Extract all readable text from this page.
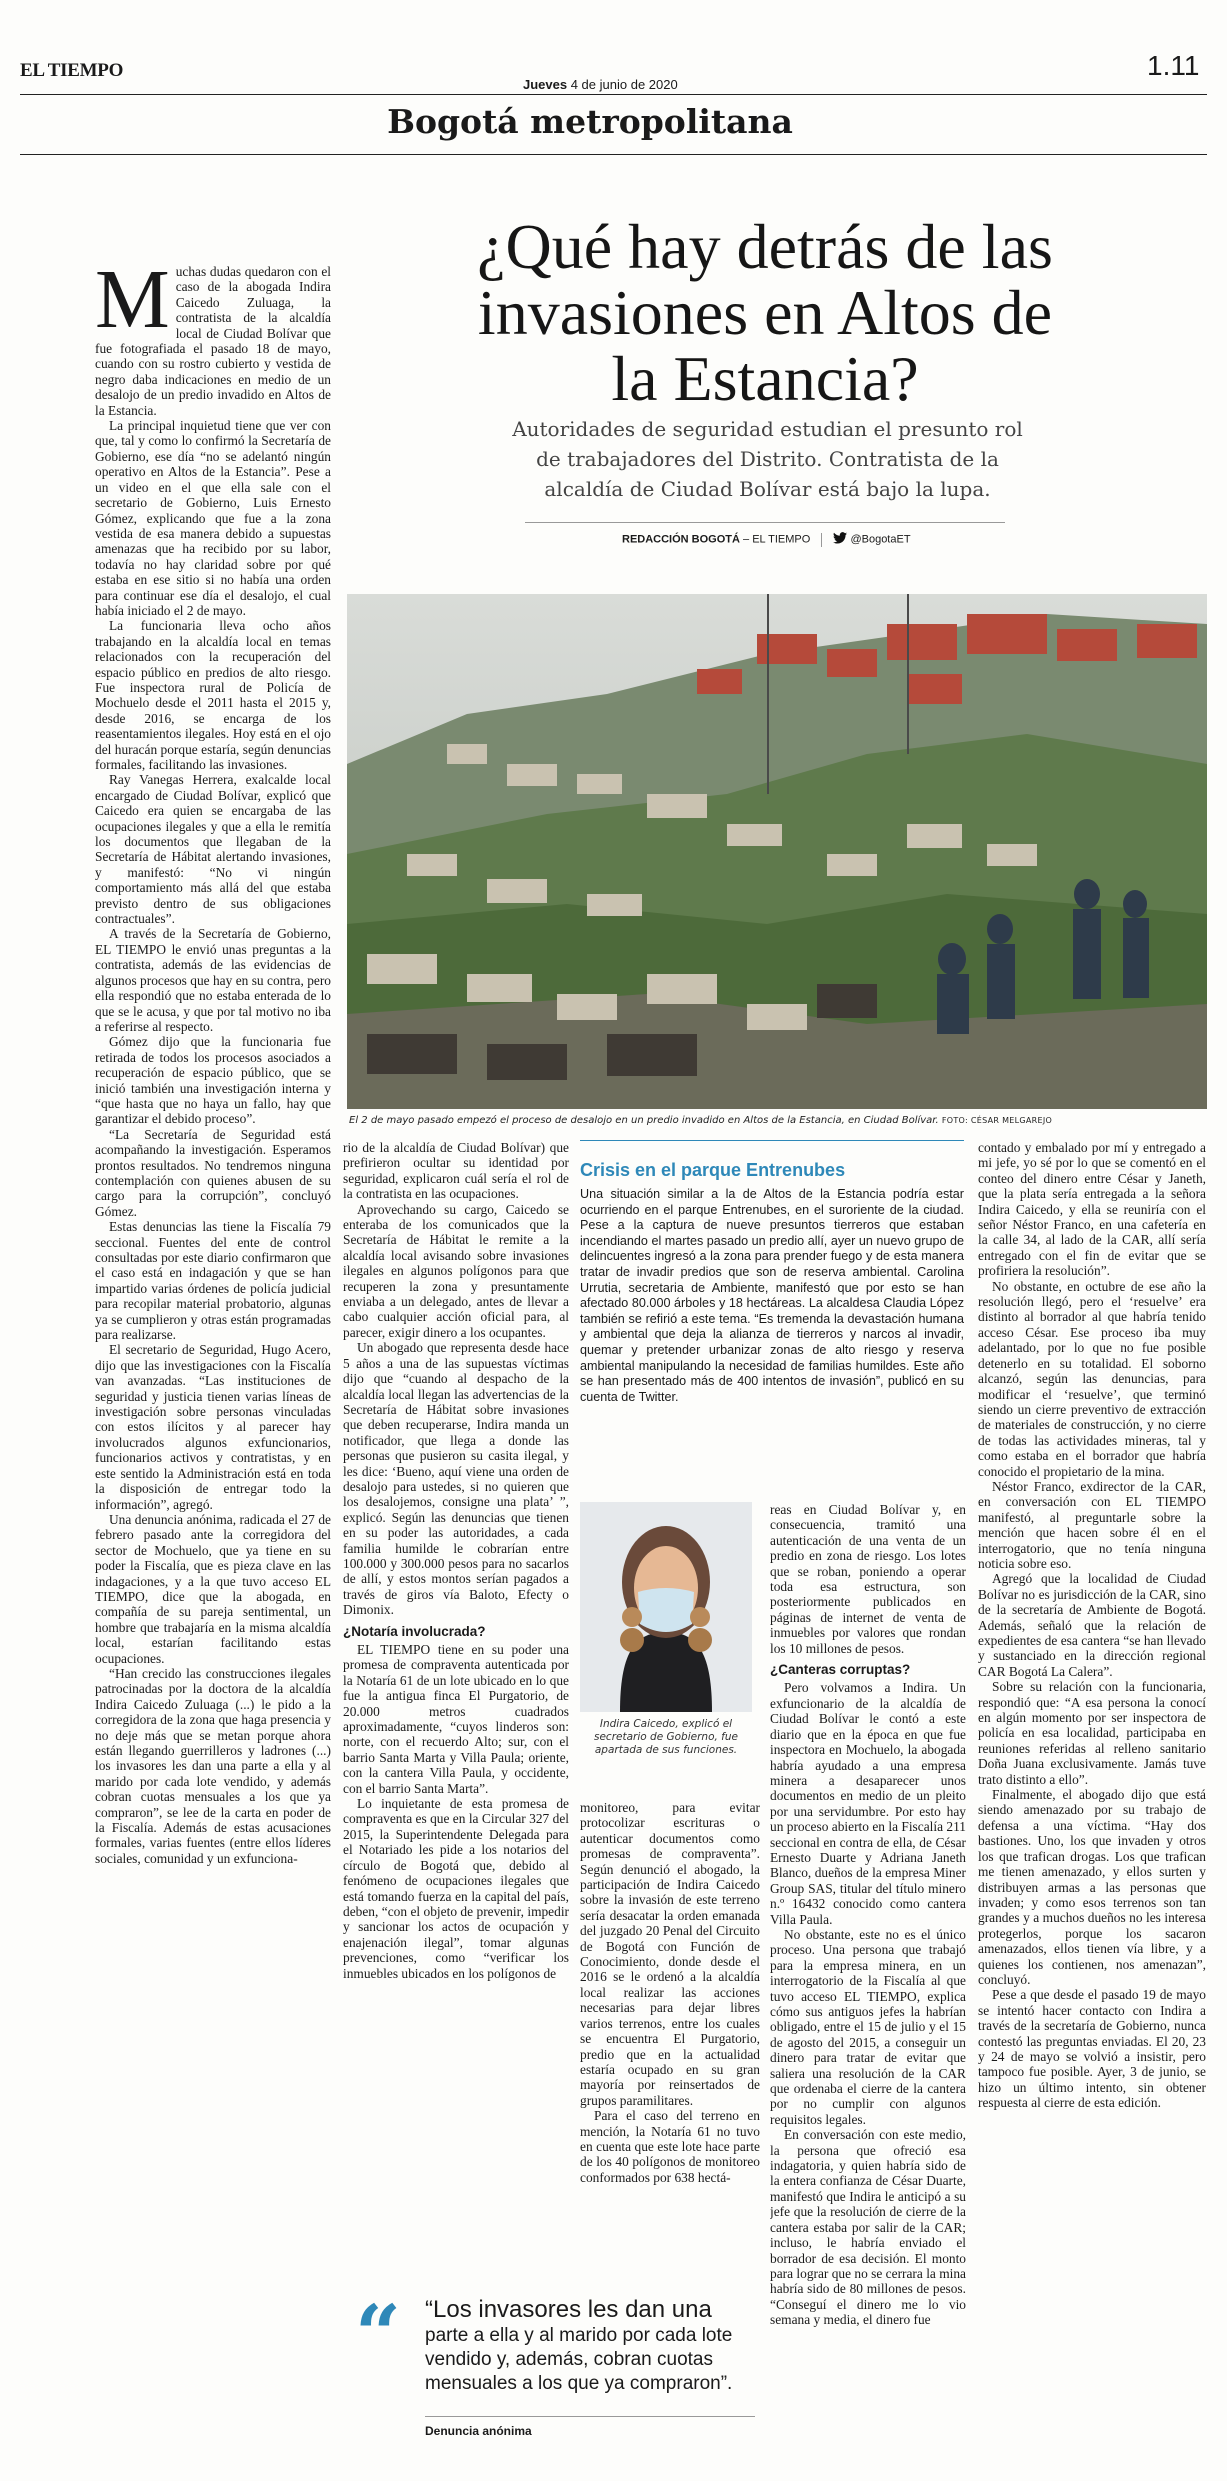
EL TIEMPO
Jueves 4 de junio de 2020
1.11
Bogotá metropolitana
¿Qué hay detrás de las invasiones en Altos de la Estancia?
Autoridades de seguridad estudian el presunto rol de trabajadores del Distrito. Contratista de la alcaldía de Ciudad Bolívar está bajo la lupa.
REDACCIÓN BOGOTÁ – EL TIEMPO	@BogotaET
El 2 de mayo pasado empezó el proceso de desalojo en un predio invadido en Altos de la Estancia, en Ciudad Bolívar. FOTO: CÉSAR MELGAREJO
M uchas dudas quedaron con el caso de la abogada Indira Caicedo Zuluaga, la contratista de la alcaldía local de Ciudad Bolívar que fue fotografiada el pasado 18 de mayo, cuando con su rostro cubierto y vestida de negro daba indicaciones en medio de un desalojo de un predio invadido en Altos de la Estancia.

La principal inquietud tiene que ver con que, tal y como lo confirmó la Secretaría de Gobierno, ese día “no se adelantó ningún operativo en Altos de la Estancia”. Pese a un video en el que ella sale con el secretario de Gobierno, Luis Ernesto Gómez, explicando que fue a la zona vestida de esa manera debido a supuestas amenazas que ha recibido por su labor, todavía no hay claridad sobre por qué estaba en ese sitio si no había una orden para continuar ese día el desalojo, el cual había iniciado el 2 de mayo.

La funcionaria lleva ocho años trabajando en la alcaldía local en temas relacionados con la recuperación del espacio público en predios de alto riesgo. Fue inspectora rural de Policía de Mochuelo desde el 2011 hasta el 2015 y, desde 2016, se encarga de los reasentamientos ilegales. Hoy está en el ojo del huracán porque estaría, según denuncias formales, facilitando las invasiones.

Ray Vanegas Herrera, exalcalde local encargado de Ciudad Bolívar, explicó que Caicedo era quien se encargaba de las ocupaciones ilegales y que a ella le remitía los documentos que llegaban de la Secretaría de Hábitat alertando invasiones, y manifestó: “No vi ningún comportamiento más allá del que estaba previsto dentro de sus obligaciones contractuales”.

A través de la Secretaría de Gobierno, EL TIEMPO le envió unas preguntas a la contratista, además de las evidencias de algunos procesos que hay en su contra, pero ella respondió que no estaba enterada de lo que se le acusa, y que por tal motivo no iba a referirse al respecto.

Gómez dijo que la funcionaria fue retirada de todos los procesos asociados a recuperación de espacio público, que se inició también una investigación interna y “que hasta que no haya un fallo, hay que garantizar el debido proceso”.

“La Secretaría de Seguridad está acompañando la investigación. Esperamos prontos resultados. No tendremos ninguna contemplación con quienes abusen de su cargo para la corrupción”, concluyó Gómez.

Estas denuncias las tiene la Fiscalía 79 seccional. Fuentes del ente de control consultadas por este diario confirmaron que el caso está en indagación y que se han impartido varias órdenes de policía judicial para recopilar material probatorio, algunas ya se cumplieron y otras están programadas para realizarse.

El secretario de Seguridad, Hugo Acero, dijo que las investigaciones con la Fiscalía van avanzadas. “Las instituciones de seguridad y justicia tienen varias líneas de investigación sobre personas vinculadas con estos ilícitos y al parecer hay involucrados algunos exfuncionarios, funcionarios activos y contratistas, y en este sentido la Administración está en toda la disposición de entregar todo la información”, agregó.

Una denuncia anónima, radicada el 27 de febrero pasado ante la corregidora del sector de Mochuelo, que ya tiene en su poder la Fiscalía, que es pieza clave en las indagaciones, y a la que tuvo acceso EL TIEMPO, dice que la abogada, en compañía de su pareja sentimental, un hombre que trabajaría en la misma alcaldía local, estarían facilitando estas ocupaciones.

“Han crecido las construcciones ilegales patrocinadas por la doctora de la alcaldía Indira Caicedo Zuluaga (...) le pido a la corregidora de la zona que haga presencia y no deje más que se metan porque ahora están llegando guerrilleros y ladrones (...) los invasores les dan una parte a ella y al marido por cada lote vendido, y además cobran cuotas mensuales a los que ya compraron”, se lee de la carta en poder de la Fiscalía. Además de estas acusaciones formales, varias fuentes (entre ellos líderes sociales, comunidad y un exfunciona-

rio de la alcaldía de Ciudad Bolívar) que prefirieron ocultar su identidad por seguridad, explicaron cuál sería el rol de la contratista en las ocupaciones.

Aprovechando su cargo, Caicedo se enteraba de los comunicados que la Secretaría de Hábitat le remite a la alcaldía local avisando sobre invasiones ilegales en algunos polígonos para que recuperen la zona y presuntamente enviaba a un delegado, antes de llevar a cabo cualquier acción oficial para, al parecer, exigir dinero a los ocupantes.

Un abogado que representa desde hace 5 años a una de las supuestas víctimas dijo que “cuando al despacho de la alcaldía local llegan las advertencias de la Secretaría de Hábitat sobre invasiones que deben recuperarse, Indira manda un notificador, que llega a donde las personas que pusieron su casita ilegal, y les dice: ‘Bueno, aquí viene una orden de desalojo para ustedes, si no quieren que los desalojemos, consigne una plata’ ”, explicó. Según las denuncias que tienen en su poder las autoridades, a cada familia humilde le cobrarían entre 100.000 y 300.000 pesos para no sacarlos de allí, y estos montos serían pagados a través de giros vía Baloto, Efecty o Dimonix.

¿Notaría involucrada?

EL TIEMPO tiene en su poder una promesa de compraventa autenticada por la Notaría 61 de un lote ubicado en lo que fue la antigua finca El Purgatorio, de 20.000 metros cuadrados aproximadamente, “cuyos linderos son: norte, con el recuerdo Alto; sur, con el barrio Santa Marta y Villa Paula; oriente, con la cantera Villa Paula, y occidente, con el barrio Santa Marta”.

Lo inquietante de esta promesa de compraventa es que en la Circular 327 del 2015, la Superintendente Delegada para el Notariado les pide a los notarios del círculo de Bogotá que, debido al fenómeno de ocupaciones ilegales que está tomando fuerza en la capital del país, deben, “con el objeto de prevenir, impedir y sancionar los actos de ocupación y enajenación ilegal”, tomar algunas prevenciones, como “verificar los inmuebles ubicados en los polígonos de

Crisis en el parque Entrenubes
Una situación similar a la de Altos de la Estancia podría estar ocurriendo en el parque Entrenubes, en el suroriente de la ciudad. Pese a la captura de nueve presuntos tierreros que estaban incendiando el martes pasado un predio allí, ayer un nuevo grupo de delincuentes ingresó a la zona para prender fuego y de esta manera tratar de invadir predios que son de reserva ambiental. Carolina Urrutia, secretaria de Ambiente, manifestó que por esto se han afectado 80.000 árboles y 18 hectáreas. La alcaldesa Claudia López también se refirió a este tema. “Es tremenda la devastación humana y ambiental que deja la alianza de tierreros y narcos al invadir, quemar y pretender urbanizar zonas de alto riesgo y reserva ambiental manipulando la necesidad de familias humildes. Este año se han presentado más de 400 intentos de invasión”, publicó en su cuenta de Twitter.
Indira Caicedo, explicó el secretario de Gobierno, fue apartada de sus funciones.

monitoreo, para evitar protocolizar escrituras o autenticar documentos como promesas de compraventa”. Según denunció el abogado, la participación de Indira Caicedo sobre la invasión de este terreno sería desacatar la orden emanada del juzgado 20 Penal del Circuito de Bogotá con Función de Conocimiento, donde desde el 2016 se le ordenó a la alcaldía local realizar las acciones necesarias para dejar libres varios terrenos, entre los cuales se encuentra El Purgatorio, predio que en la actualidad estaría ocupado en su gran mayoría por reinsertados de grupos paramilitares.

Para el caso del terreno en mención, la Notaría 61 no tuvo en cuenta que este lote hace parte de los 40 polígonos de monitoreo conformados por 638 hectá-

reas en Ciudad Bolívar y, en consecuencia, tramitó una autenticación de una venta de un predio en zona de riesgo. Los lotes que se roban, poniendo a operar toda esa estructura, son posteriormente publicados en páginas de internet de venta de inmuebles por valores que rondan los 10 millones de pesos.

¿Canteras corruptas?

Pero volvamos a Indira. Un exfuncionario de la alcaldía de Ciudad Bolívar le contó a este diario que en la época en que fue inspectora en Mochuelo, la abogada habría ayudado a una empresa minera a desaparecer unos documentos en medio de un pleito por una servidumbre. Por esto hay un proceso abierto en la Fiscalía 211 seccional en contra de ella, de César Ernesto Duarte y Adriana Janeth Blanco, dueños de la empresa Miner Group SAS, titular del título minero n.º 16432 conocido como cantera Villa Paula.

No obstante, este no es el único proceso. Una persona que trabajó para la empresa minera, en un interrogatorio de la Fiscalía al que tuvo acceso EL TIEMPO, explica cómo sus antiguos jefes la habrían obligado, entre el 15 de julio y el 15 de agosto del 2015, a conseguir un dinero para tratar de evitar que saliera una resolución de la CAR que ordenaba el cierre de la cantera por no cumplir con algunos requisitos legales.

En conversación con este medio, la persona que ofreció esa indagatoria, y quien habría sido de la entera confianza de César Duarte, manifestó que Indira le anticipó a su jefe que la resolución de cierre de la cantera estaba por salir de la CAR; incluso, le habría enviado el borrador de esa decisión. El monto para lograr que no se cerrara la mina habría sido de 80 millones de pesos. “Conseguí el dinero me lo vio semana y media, el dinero fue

contado y embalado por mí y entregado a mi jefe, yo sé por lo que se comentó en el conteo del dinero entre César y Janeth, que la plata sería entregada a la señora Indira Caicedo, y ella se reuniría con el señor Néstor Franco, en una cafetería en la calle 34, al lado de la CAR, allí sería entregado con el fin de evitar que se profiriera la resolución”.

No obstante, en octubre de ese año la resolución llegó, pero el ‘resuelve’ era distinto al borrador al que habría tenido acceso César. Ese proceso iba muy adelantado, por lo que no fue posible detenerlo en su totalidad. El soborno alcanzó, según las denuncias, para modificar el ‘resuelve’, que terminó siendo un cierre preventivo de extracción de materiales de construcción, y no cierre de todas las actividades mineras, tal y como estaba en el borrador que habría conocido el propietario de la mina.

Néstor Franco, exdirector de la CAR, en conversación con EL TIEMPO manifestó, al preguntarle sobre la mención que hacen sobre él en el interrogatorio, que no tenía ninguna noticia sobre eso.

Agregó que la localidad de Ciudad Bolívar no es jurisdicción de la CAR, sino de la secretaría de Ambiente de Bogotá. Además, señaló que la relación de expedientes de esa cantera “se han llevado y sustanciado en la dirección regional CAR Bogotá La Calera”.

Sobre su relación con la funcionaria, respondió que: “A esa persona la conocí en algún momento por ser inspectora de policía en esa localidad, participaba en reuniones referidas al relleno sanitario Doña Juana exclusivamente. Jamás tuve trato distinto a ello”.

Finalmente, el abogado dijo que está siendo amenazado por su trabajo de defensa a una víctima. “Hay dos bastiones. Uno, los que invaden y otros los que trafican drogas. Los que trafican me tienen amenazado, y ellos surten y distribuyen armas a las personas que invaden; y como esos terrenos son tan grandes y a muchos dueños no les interesa protegerlos, porque los sacaron amenazados, ellos tienen vía libre, y a quienes los contienen, nos amenazan”, concluyó.

Pese a que desde el pasado 19 de mayo se intentó hacer contacto con Indira a través de la secretaría de Gobierno, nunca contestó las preguntas enviadas. El 20, 23 y 24 de mayo se volvió a insistir, pero tampoco fue posible. Ayer, 3 de junio, se hizo un último intento, sin obtener respuesta al cierre de esta edición.

“ “Los invasores les dan una parte a ella y al marido por cada lote vendido y, además, cobran cuotas mensuales a los que ya compraron”.
Denuncia anónima
